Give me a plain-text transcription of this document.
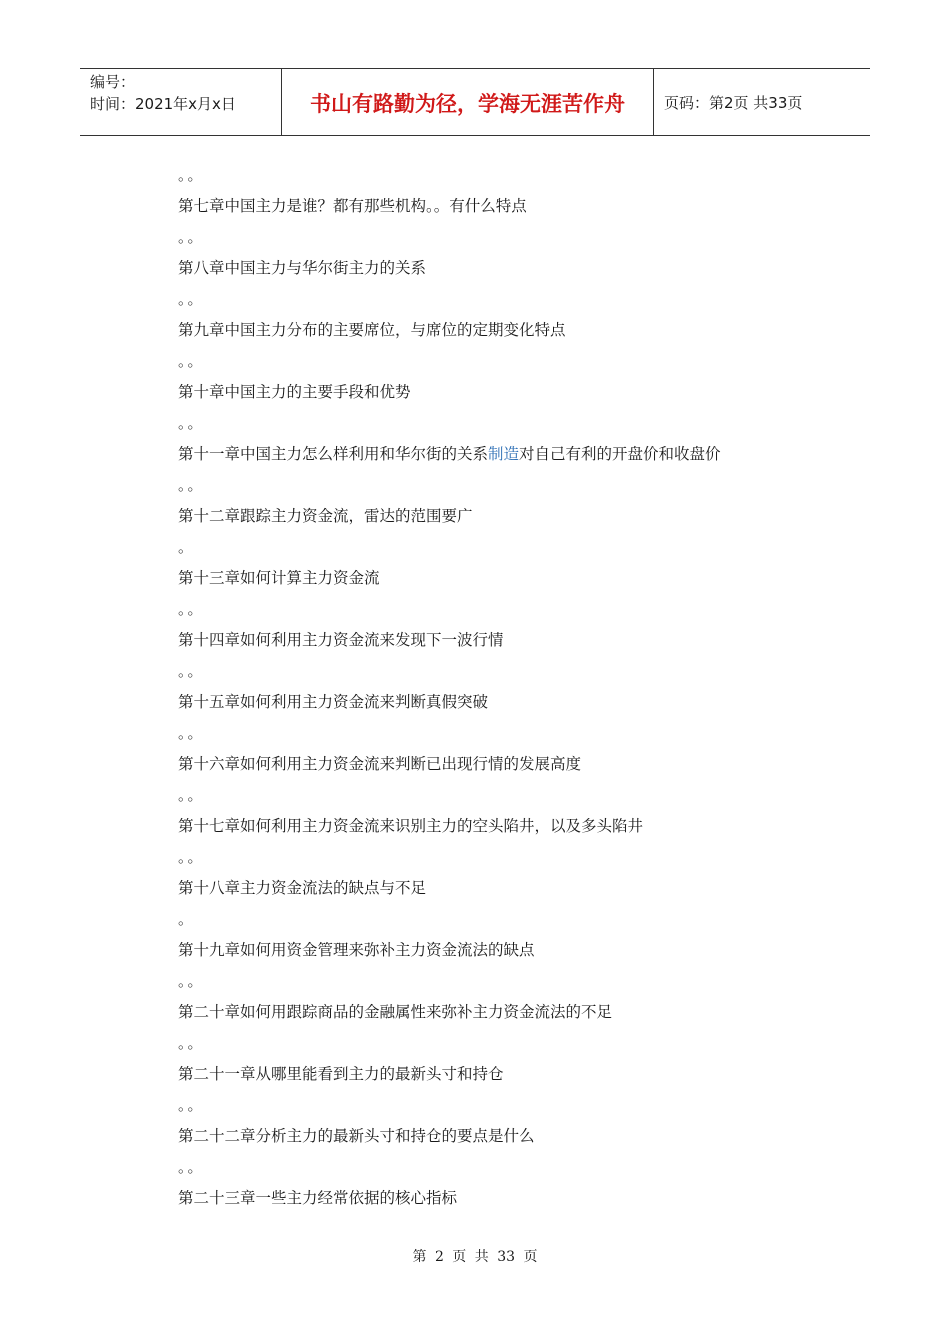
编号：
时间：2021年x月x日	书山有路勤为径，学海无涯苦作舟	页码：第2页 共33页
。。
第七章中国主力是谁？都有那些机构。。有什么特点
。。
第八章中国主力与华尔街主力的关系
。。
第九章中国主力分布的主要席位，与席位的定期变化特点
。。
第十章中国主力的主要手段和优势
。。
第十一章中国主力怎么样利用和华尔街的关系制造对自己有利的开盘价和收盘价
。。
第十二章跟踪主力资金流，雷达的范围要广
。
第十三章如何计算主力资金流
。。
第十四章如何利用主力资金流来发现下一波行情
。。
第十五章如何利用主力资金流来判断真假突破
。。
第十六章如何利用主力资金流来判断已出现行情的发展高度
。。
第十七章如何利用主力资金流来识别主力的空头陷井，以及多头陷井
。。
第十八章主力资金流法的缺点与不足
。
第十九章如何用资金管理来弥补主力资金流法的缺点
。。
第二十章如何用跟踪商品的金融属性来弥补主力资金流法的不足
。。
第二十一章从哪里能看到主力的最新头寸和持仓
。。
第二十二章分析主力的最新头寸和持仓的要点是什么
。。
第二十三章一些主力经常依据的核心指标
第 2 页 共 33 页
